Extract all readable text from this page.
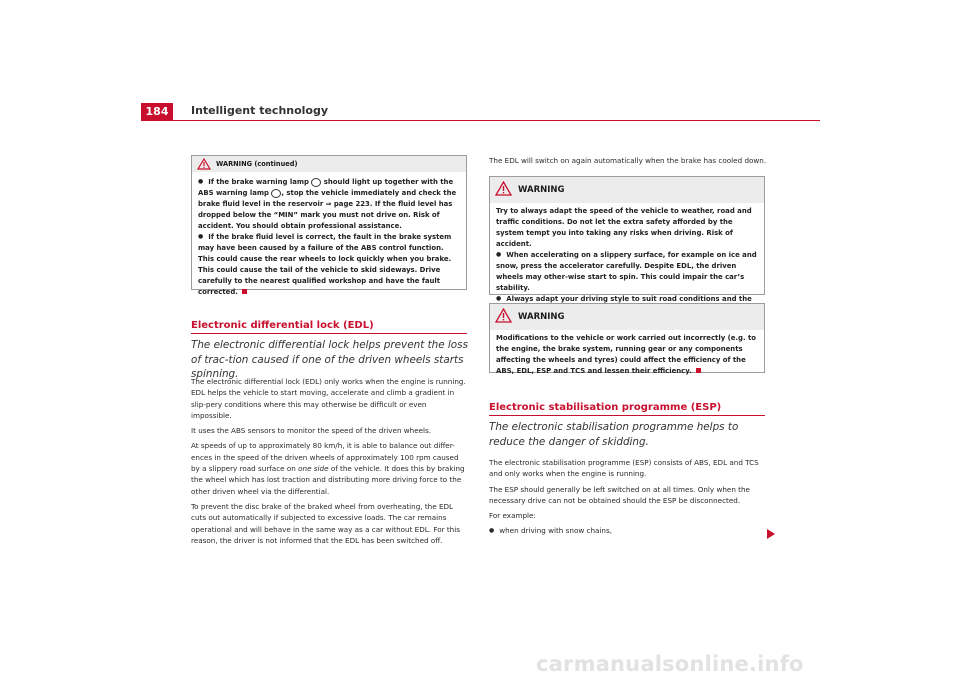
184	Intelligent technology
WARNING (continued)
● If the brake warning lamp should light up together with the ABS warning lamp , stop the vehicle immediately and check the brake fluid level in the reservoir ⇒ page 223. If the fluid level has dropped below the “MIN” mark you must not drive on. Risk of accident. You should obtain professional assistance.
● If the brake fluid level is correct, the fault in the brake system may have been caused by a failure of the ABS control function. This could cause the rear wheels to lock quickly when you brake. This could cause the tail of the vehicle to skid sideways. Drive carefully to the nearest qualified workshop and have the fault corrected.
Electronic differential lock (EDL)
The electronic differential lock helps prevent the loss of trac-tion caused if one of the driven wheels starts spinning.

The electronic differential lock (EDL) only works when the engine is running. EDL helps the vehicle to start moving, accelerate and climb a gradient in slip-pery conditions where this may otherwise be difficult or even impossible.

It uses the ABS sensors to monitor the speed of the driven wheels.

At speeds of up to approximately 80 km/h, it is able to balance out differ-ences in the speed of the driven wheels of approximately 100 rpm caused by a slippery road surface on one side of the vehicle. It does this by braking the wheel which has lost traction and distributing more driving force to the other driven wheel via the differential.

To prevent the disc brake of the braked wheel from overheating, the EDL cuts out automatically if subjected to excessive loads. The car remains operational and will behave in the same way as a car without EDL. For this reason, the driver is not informed that the EDL has been switched off.

The EDL will switch on again automatically when the brake has cooled down.
WARNING
Try to always adapt the speed of the vehicle to weather, road and traffic conditions. Do not let the extra safety afforded by the system tempt you into taking any risks when driving. Risk of accident.
● When accelerating on a slippery surface, for example on ice and snow, press the accelerator carefully. Despite EDL, the driven wheels may other-wise start to spin. This could impair the car’s stability.
● Always adapt your driving style to suit road conditions and the
WARNING
Modifications to the vehicle or work carried out incorrectly (e.g. to the engine, the brake system, running gear or any components affecting the wheels and tyres) could affect the efficiency of the ABS, EDL, ESP and TCS and lessen their efficiency.
Electronic stabilisation programme (ESP)
The electronic stabilisation programme helps to reduce the danger of skidding.

The electronic stabilisation programme (ESP) consists of ABS, EDL and TCS and only works when the engine is running.

The ESP should generally be left switched on at all times. Only when the necessary drive can not be obtained should the ESP be disconnected.

For example:

● when driving with snow chains,

carmanualsonline.info
